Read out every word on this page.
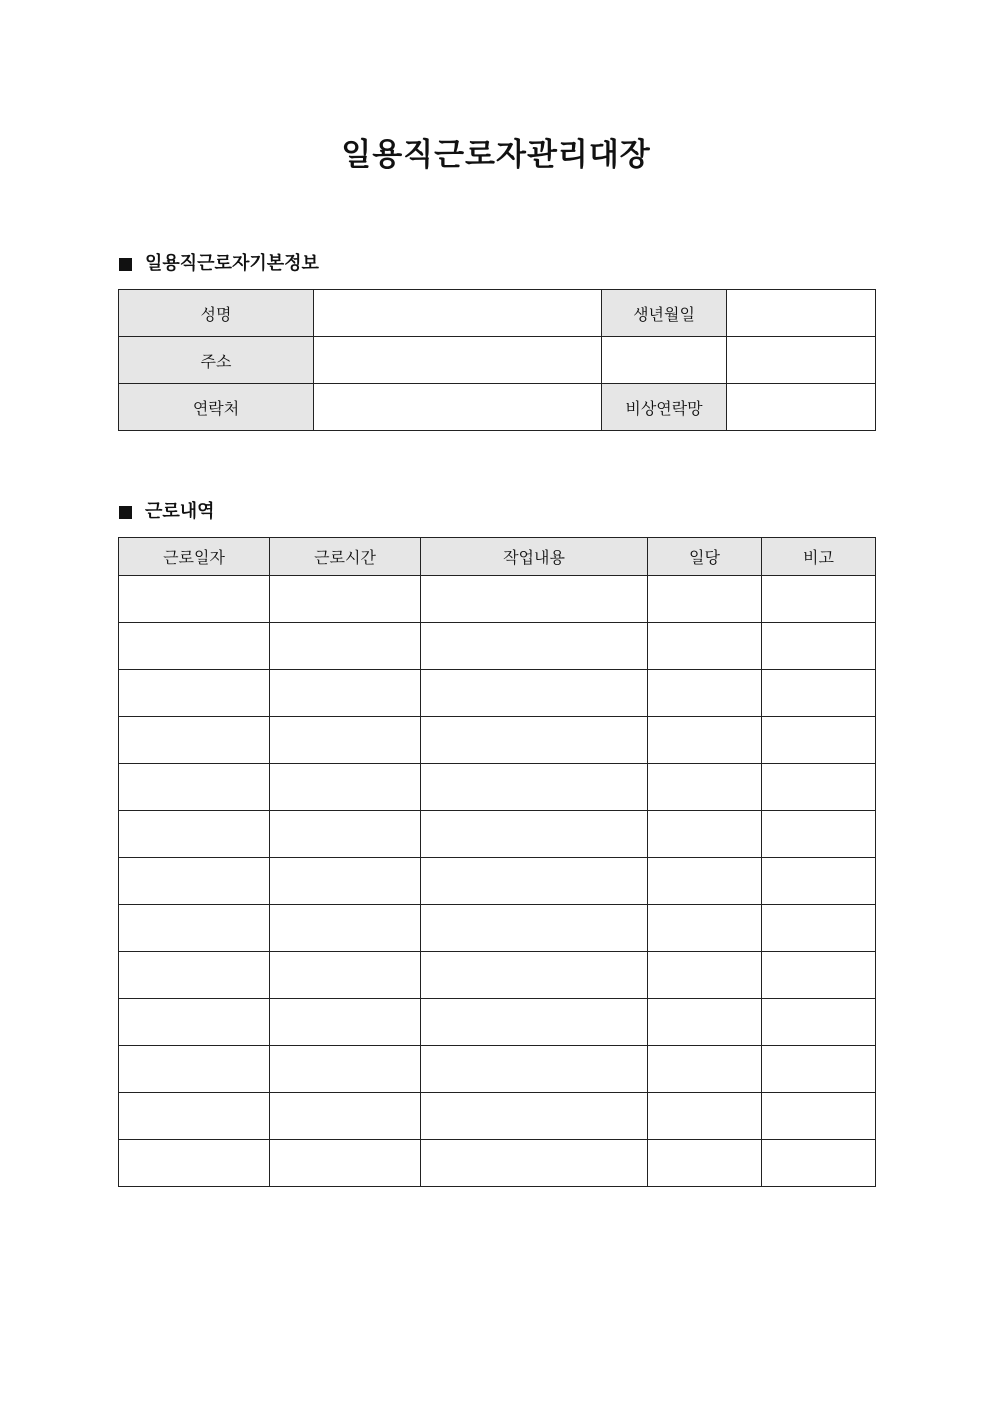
일용직근로자관리대장
일용직근로자기본정보
성명		생년월일	
주소			
연락처		비상연락망	
근로내역
근로일자	근로시간	작업내용	일당	비고
